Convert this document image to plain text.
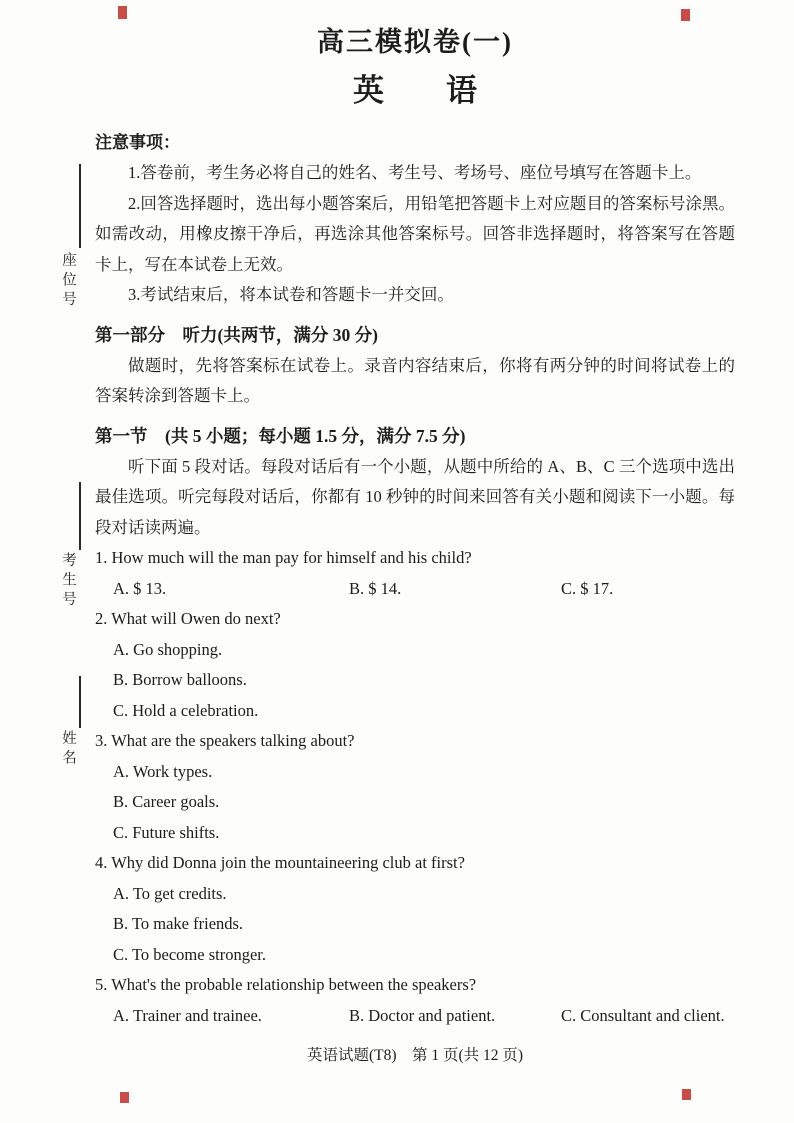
座位号
考生号
姓名
高三模拟卷(一)
英　　语
注意事项：

1.答卷前，考生务必将自己的姓名、考生号、考场号、座位号填写在答题卡上。

2.回答选择题时，选出每小题答案后，用铅笔把答题卡上对应题目的答案标号涂黑。如需改动，用橡皮擦干净后，再选涂其他答案标号。回答非选择题时，将答案写在答题卡上，写在本试卷上无效。

3.考试结束后，将本试卷和答题卡一并交回。

第一部分　听力(共两节，满分 30 分)

做题时，先将答案标在试卷上。录音内容结束后，你将有两分钟的时间将试卷上的答案转涂到答题卡上。

第一节　(共 5 小题；每小题 1.5 分，满分 7.5 分)

听下面 5 段对话。每段对话后有一个小题，从题中所给的 A、B、C 三个选项中选出最佳选项。听完每段对话后，你都有 10 秒钟的时间来回答有关小题和阅读下一小题。每段对话读两遍。

1. How much will the man pay for himself and his child?
A. $ 13.	B. $ 14.	C. $ 17.
2. What will Owen do next?
A. Go shopping.
B. Borrow balloons.
C. Hold a celebration.
3. What are the speakers talking about?
A. Work types.
B. Career goals.
C. Future shifts.
4. Why did Donna join the mountaineering club at first?
A. To get credits.
B. To make friends.
C. To become stronger.
5. What's the probable relationship between the speakers?
A. Trainer and trainee.	B. Doctor and patient.	C. Consultant and client.
英语试题(T8)　第 1 页(共 12 页)
